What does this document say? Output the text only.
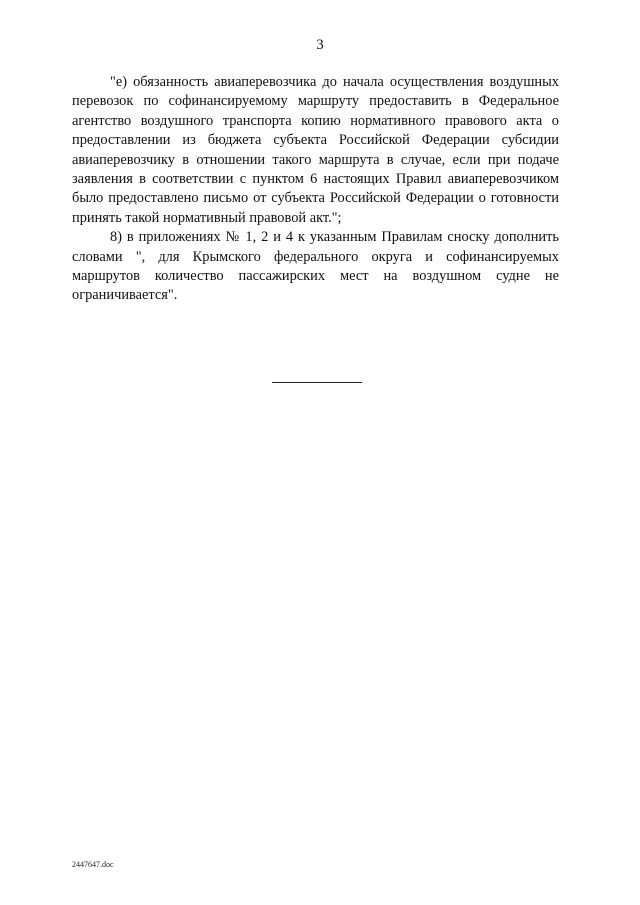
3

"е) обязанность авиаперевозчика до начала осуществления воздушных перевозок по софинансируемому маршруту предоставить в Федеральное агентство воздушного транспорта копию нормативного правового акта о предоставлении из бюджета субъекта Российской Федерации субсидии авиаперевозчику в отношении такого маршрута в случае, если при подаче заявления в соответствии с пунктом 6 настоящих Правил авиаперевозчиком было предоставлено письмо от субъекта Российской Федерации о готовности принять такой нормативный правовой акт.";

8) в приложениях № 1, 2 и 4 к указанным Правилам сноску дополнить словами ", для Крымского федерального округа и софинансируемых маршрутов количество пассажирских мест на воздушном судне не ограничивается".

2447647.doc
